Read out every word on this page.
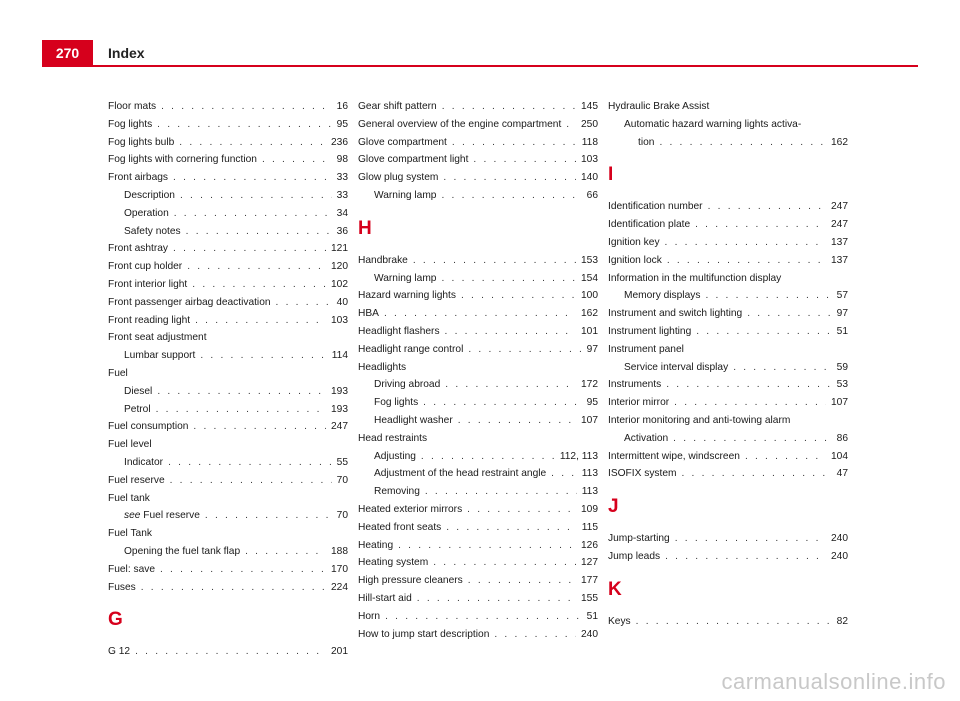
270	Index
Floor mats . . .	16
Fog lights . . .	95
Fog lights bulb . . .	236
Fog lights with cornering function . . .	98
Front airbags . . .	33
Description . . .	33
Operation . . .	34
Safety notes . . .	36
Front ashtray . . .	121
Front cup holder . . .	120
Front interior light . . .	102
Front passenger airbag deactivation . . .	40
Front reading light . . .	103
Front seat adjustment
Lumbar support . . .	114
Fuel
Diesel . . .	193
Petrol . . .	193
Fuel consumption . . .	247
Fuel level
Indicator . . .	55
Fuel reserve . . .	70
Fuel tank
see Fuel reserve . . .	70
Fuel Tank
Opening the fuel tank flap . . .	188
Fuel: save . . .	170
Fuses . . .	224
G
G 12 . . .	201
Gear shift pattern . . .	145
General overview of the engine compartment . . . 250
Glove compartment . . .	118
Glove compartment light . . .	103
Glow plug system . . .	140
Warning lamp . . .	66
H
Handbrake . . .	153
Warning lamp . . .	154
Hazard warning lights . . .	100
HBA . . .	162
Headlight flashers . . .	101
Headlight range control . . .	97
Headlights
Driving abroad . . .	172
Fog lights . . .	95
Headlight washer . . .	107
Head restraints
Adjusting . . .	112, 113
Adjustment of the head restraint angle . . .	113
Removing . . .	113
Heated exterior mirrors . . .	109
Heated front seats . . .	115
Heating . . .	126
Heating system . . .	127
High pressure cleaners . . .	177
Hill-start aid . . .	155
Horn . . .	51
How to jump start description . . .	240
Hydraulic Brake Assist
Automatic hazard warning lights activa-
tion . . .	162
I
Identification number . . .	247
Identification plate . . .	247
Ignition key . . .	137
Ignition lock . . .	137
Information in the multifunction display
Memory displays . . .	57
Instrument and switch lighting . . .	97
Instrument lighting . . .	51
Instrument panel
Service interval display . . .	59
Instruments . . .	53
Interior mirror . . .	107
Interior monitoring and anti-towing alarm
Activation . . .	86
Intermittent wipe, windscreen . . .	104
ISOFIX system . . .	47
J
Jump-starting . . .	240
Jump leads . . .	240
K
Keys . . .	82
carmanualsonline.info
